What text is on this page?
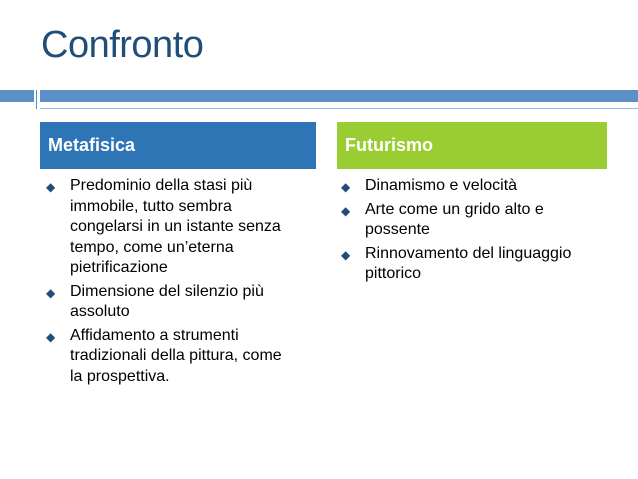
Confronto
Metafisica	Futurismo
◆ Predominio della stasi più immobile, tutto sembra congelarsi in un istante senza tempo, come un’eterna pietrificazione
◆ Dimensione del silenzio più assoluto
◆ Affidamento a strumenti tradizionali della pittura, come la prospettiva.
◆ Dinamismo e velocità
◆ Arte come un grido alto e possente
◆ Rinnovamento del linguaggio pittorico
